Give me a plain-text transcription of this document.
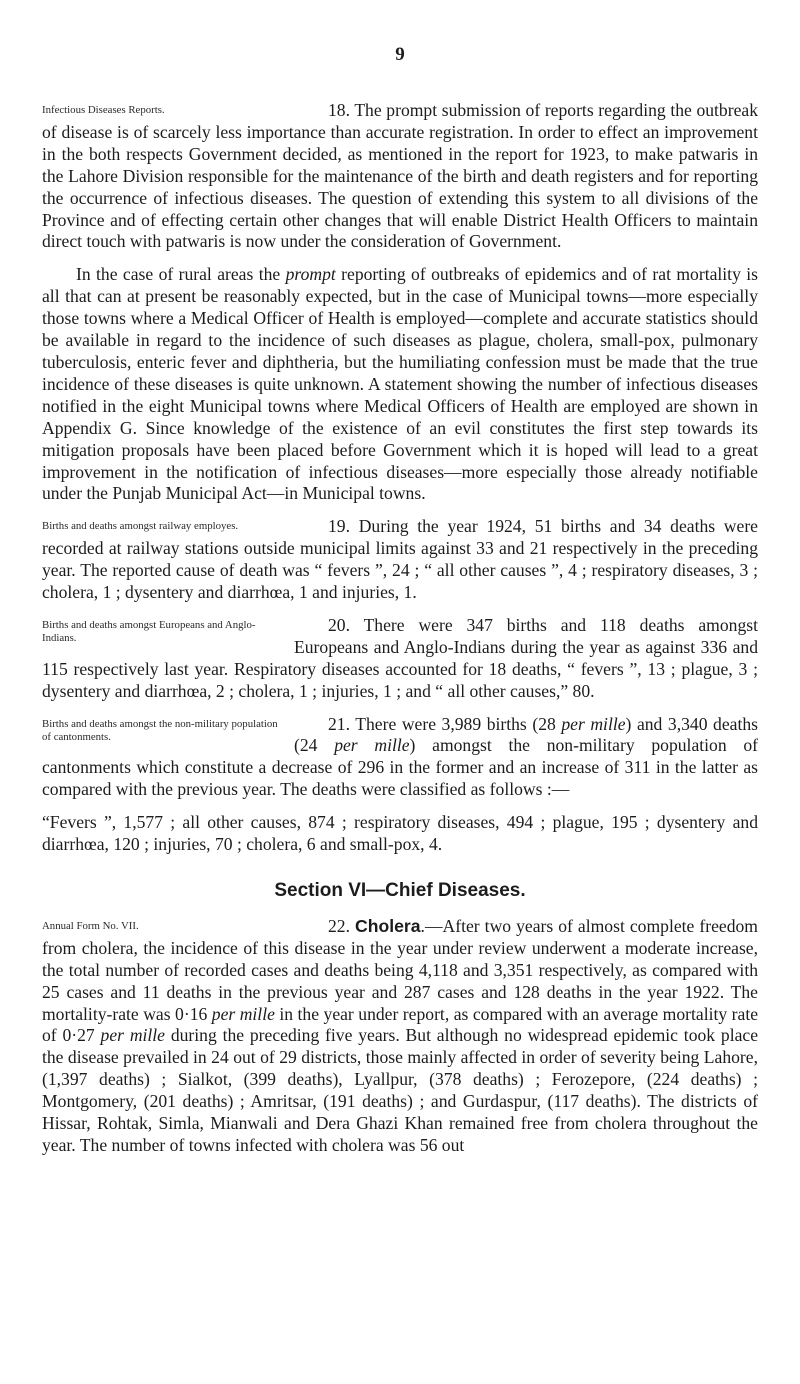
9

18.
Infectious Diseases Reports.	The prompt submission of reports regarding the outbreak of disease is of scarcely less importance than accurate registration. In order to effect an improvement in the both respects Government decided, as mentioned in the report for 1923, to make patwaris in the Lahore Division responsible for the maintenance of the birth and death registers and for reporting the occurrence of infectious diseases. The question of extending this system to all divisions of the Province and of effecting certain other changes that will enable District Health Officers to maintain direct touch with patwaris is now under the consideration of Government.

In the case of rural areas the prompt reporting of outbreaks of epidemics and of rat mortality is all that can at present be reasonably expected, but in the case of Municipal towns—more especially those towns where a Medical Officer of Health is employed—complete and accurate statistics should be available in regard to the incidence of such diseases as plague, cholera, small-pox, pulmonary tuberculosis, enteric fever and diphtheria, but the humiliating confession must be made that the true incidence of these diseases is quite unknown. A statement showing the number of infectious diseases notified in the eight Municipal towns where Medical Officers of Health are employed are shown in Appendix G. Since knowledge of the existence of an evil constitutes the first step towards its mitigation proposals have been placed before Government which it is hoped will lead to a great improvement in the notification of infectious diseases—more especially those already notifiable under the Punjab Municipal Act—in Municipal towns.

19.
Births and deaths amongst railway employes.	During the year 1924, 51 births and 34 deaths were recorded at railway stations outside municipal limits against 33 and 21 respectively in the preceding year. The reported cause of death was “ fevers ”, 24 ; “ all other causes ”, 4 ; respiratory diseases, 3 ; cholera, 1 ; dysentery and diarrhœa, 1 and injuries, 1.

20.
Births and deaths amongst Europeans and Anglo-Indians.
There were 347 births and 118 deaths amongst Europeans and Anglo-Indians during the year as against 336 and 115 respectively last year. Respiratory diseases accounted for 18 deaths, “ fevers ”, 13 ; plague, 3 ; dysentery and diarrhœa, 2 ; cholera, 1 ; injuries, 1 ; and “ all other causes,” 80.

21.
Births and deaths amongst the non-military population of cantonments.
There were 3,989 births (28 per mille) and 3,340 deaths (24 per mille) amongst the non-military population of cantonments which constitute a decrease of 296 in the former and an increase of 311 in the latter as compared with the previous year. The deaths were classified as follows :—

“Fevers ”, 1,577 ; all other causes, 874 ; respiratory diseases, 494 ; plague, 195 ; dysentery and diarrhœa, 120 ; injuries, 70 ; cholera, 6 and small-pox, 4.

Section VI—Chief Diseases.

22.
Annual Form No. VII.	Cholera.—After two years of almost complete freedom from cholera, the incidence of this disease in the year under review underwent a moderate increase, the total number of recorded cases and deaths being 4,118 and 3,351 respectively, as compared with 25 cases and 11 deaths in the previous year and 287 cases and 128 deaths in the year 1922. The mortality-rate was 0·16 per mille in the year under report, as compared with an average mortality rate of 0·27 per mille during the preceding five years. But although no widespread epidemic took place the disease prevailed in 24 out of 29 districts, those mainly affected in order of severity being Lahore, (1,397 deaths) ; Sialkot, (399 deaths), Lyallpur, (378 deaths) ; Ferozepore, (224 deaths) ; Montgomery, (201 deaths) ; Amritsar, (191 deaths) ; and Gurdaspur, (117 deaths). The districts of Hissar, Rohtak, Simla, Mianwali and Dera Ghazi Khan remained free from cholera throughout the year. The number of towns infected with cholera was 56 out
